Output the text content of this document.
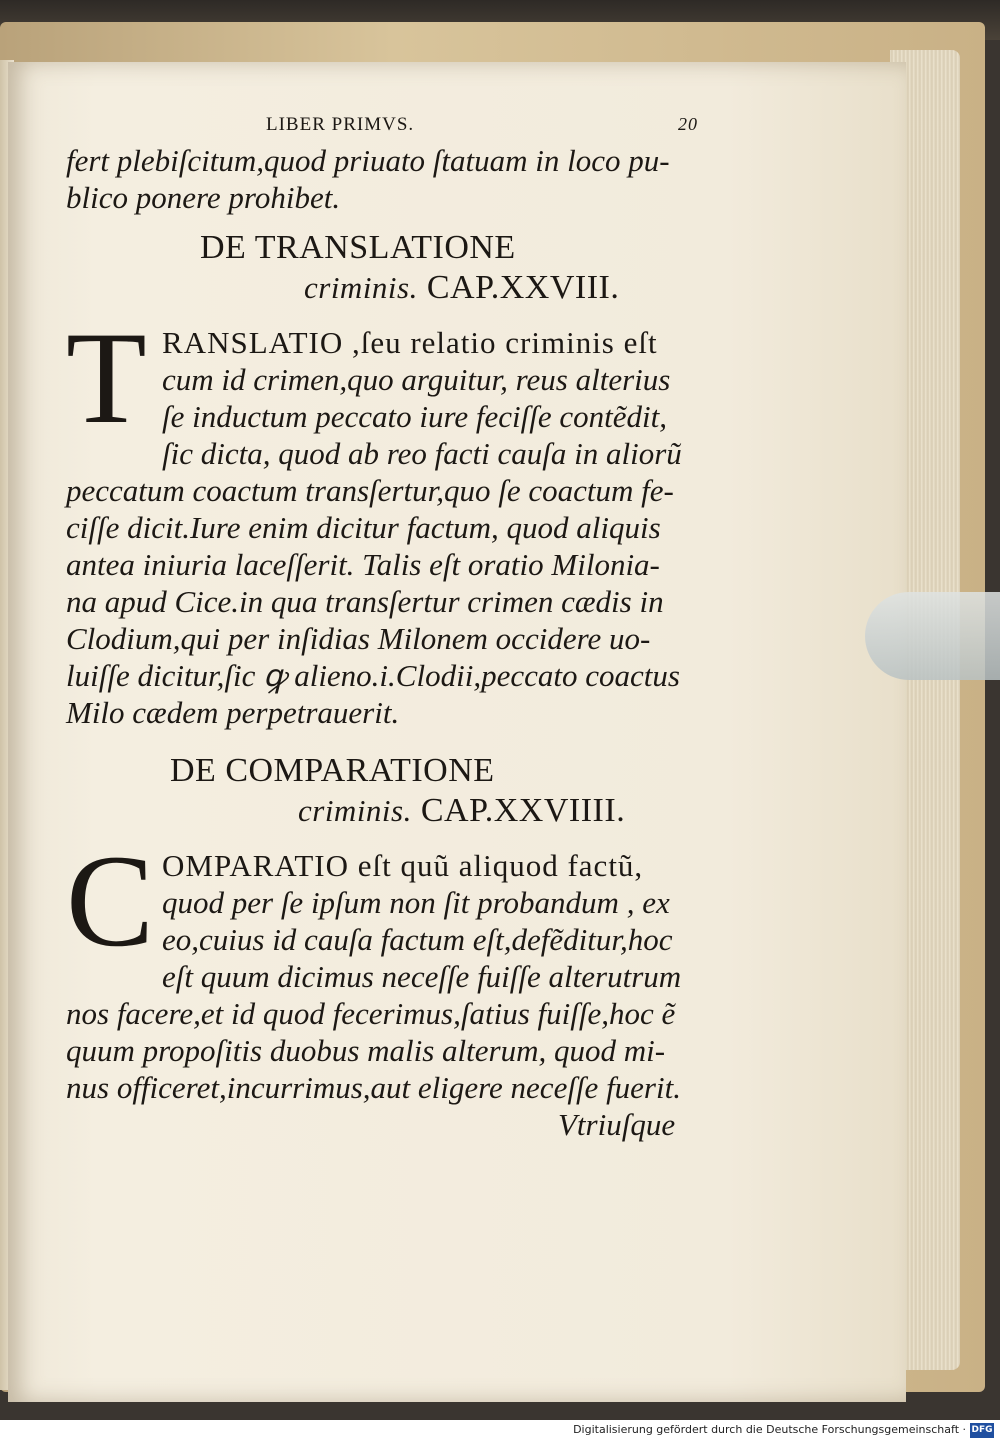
LIBER PRIMVS.	20
fert plebiſcitum,quod priuato ſtatuam in loco pu-
blico ponere prohibet.
DE TRANSLATIONE
criminis. CAP.XXVIII.
T RANSLATIO ,ſeu relatio criminis eſt
cum id crimen,quo arguitur, reus alterius
ſe inductum peccato iure feciſſe contẽdit,
ſic dicta, quod ab reo facti cauſa in aliorũ
peccatum coactum transſertur,quo ſe coactum fe-
ciſſe dicit.Iure enim dicitur factum, quod aliquis
antea iniuria laceſſerit. Talis eſt oratio Milonia-
na apud Cice.in qua transſertur crimen cædis in
Clodium,qui per inſidias Milonem occidere uo-
luiſſe dicitur,ſic ꝙ alieno.i.Clodii,peccato coactus
Milo cædem perpetrauerit.
DE COMPARATIONE
criminis. CAP.XXVIIII.
C OMPARATIO eſt quũ aliquod factũ,
quod per ſe ipſum non ſit probandum , ex
eo,cuius id cauſa factum eſt,defẽditur,hoc
eſt quum dicimus neceſſe fuiſſe alterutrum
nos facere,et id quod fecerimus,ſatius fuiſſe,hoc ẽ
quum propoſitis duobus malis alterum, quod mi-
nus officeret,incurrimus,aut eligere neceſſe fuerit.
Vtriuſque
Digitalisierung gefördert durch die Deutsche Forschungsgemeinschaft · DFG
